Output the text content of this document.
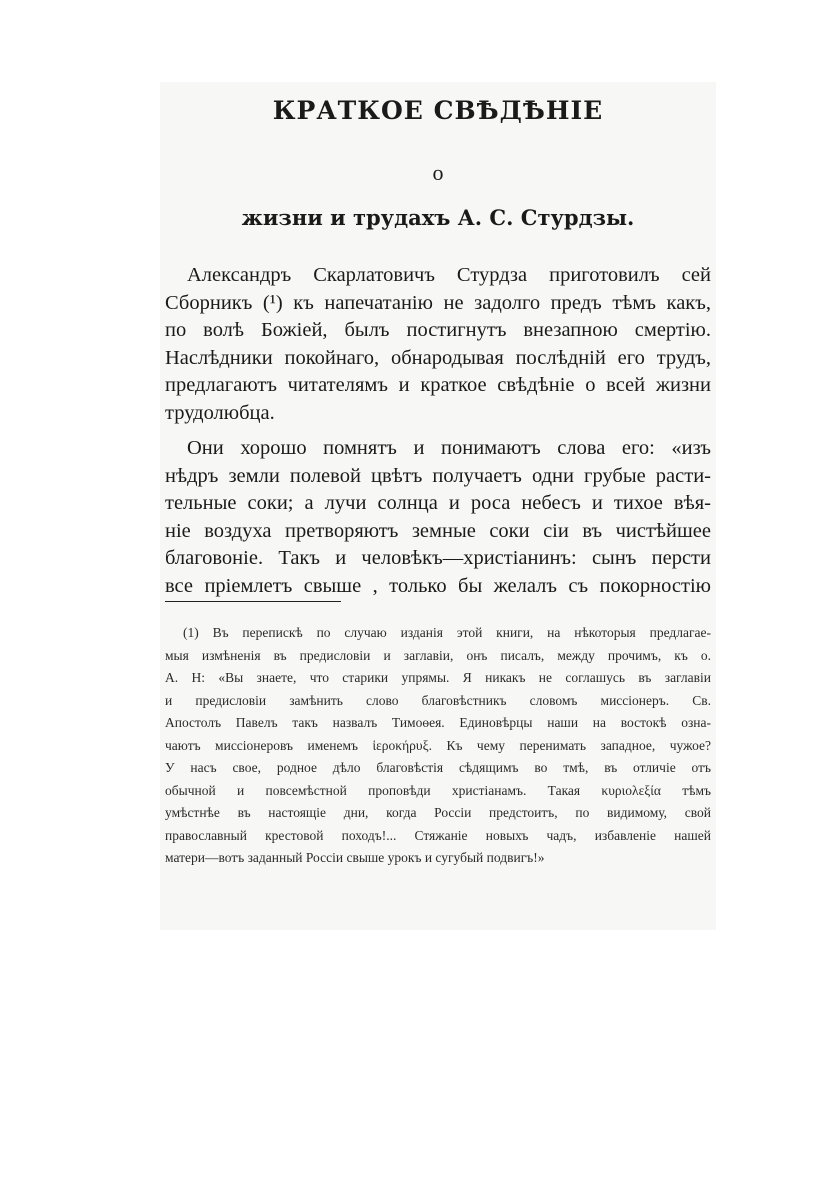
КРАТКОЕ СВѢДѢНІЕ
о
жизни и трудахъ А. С. Стурдзы.
Александръ Скарлатовичъ Стурдза приготовилъ сей
Сборникъ (¹) къ напечатанію не задолго предъ тѣмъ какъ,
по волѣ Божіей, былъ постигнутъ внезапною смертію.
Наслѣдники покойнаго, обнародывая послѣдній его трудъ,
предлагаютъ читателямъ и краткое свѣдѣніе о всей жизни
трудолюбца.
Они хорошо помнятъ и понимаютъ слова его: «изъ
нѣдръ земли полевой цвѣтъ получаетъ одни грубые расти-
тельные соки; а лучи солнца и роса небесъ и тихое вѣя-
ніе воздуха претворяютъ земные соки сіи въ чистѣйшее
благовоніе. Такъ и человѣкъ—христіанинъ: сынъ персти
все пріемлетъ свыше , только бы желалъ съ покорностію
(1) Въ перепискѣ по случаю изданія этой книги, на нѣкоторыя предлагае-
мыя измѣненія въ предисловіи и заглавіи, онъ писалъ, между прочимъ, къ о.
А. Н: «Вы знаете, что старики упрямы. Я никакъ не соглашусь въ заглавіи
и предисловіи замѣнить слово благовѣстникъ словомъ миссіонеръ. Св.
Апостолъ Павелъ такъ назвалъ Тимоѳея. Единовѣрцы наши на востокѣ озна-
чаютъ миссіонеровъ именемъ ἱεροκήρυξ. Къ чему перенимать западное, чужое?
У насъ свое, родное дѣло благовѣстія сѣдящимъ во тмѣ, въ отличіе отъ
обычной и повсемѣстной проповѣди христіанамъ. Такая κυριολεξία тѣмъ
умѣстнѣе въ настоящіе дни, когда Россіи предстоитъ, по видимому, свой
православный крестовой походъ!... Стяжаніе новыхъ чадъ, избавленіе нашей
матери—вотъ заданный Россіи свыше урокъ и сугубый подвигъ!»
